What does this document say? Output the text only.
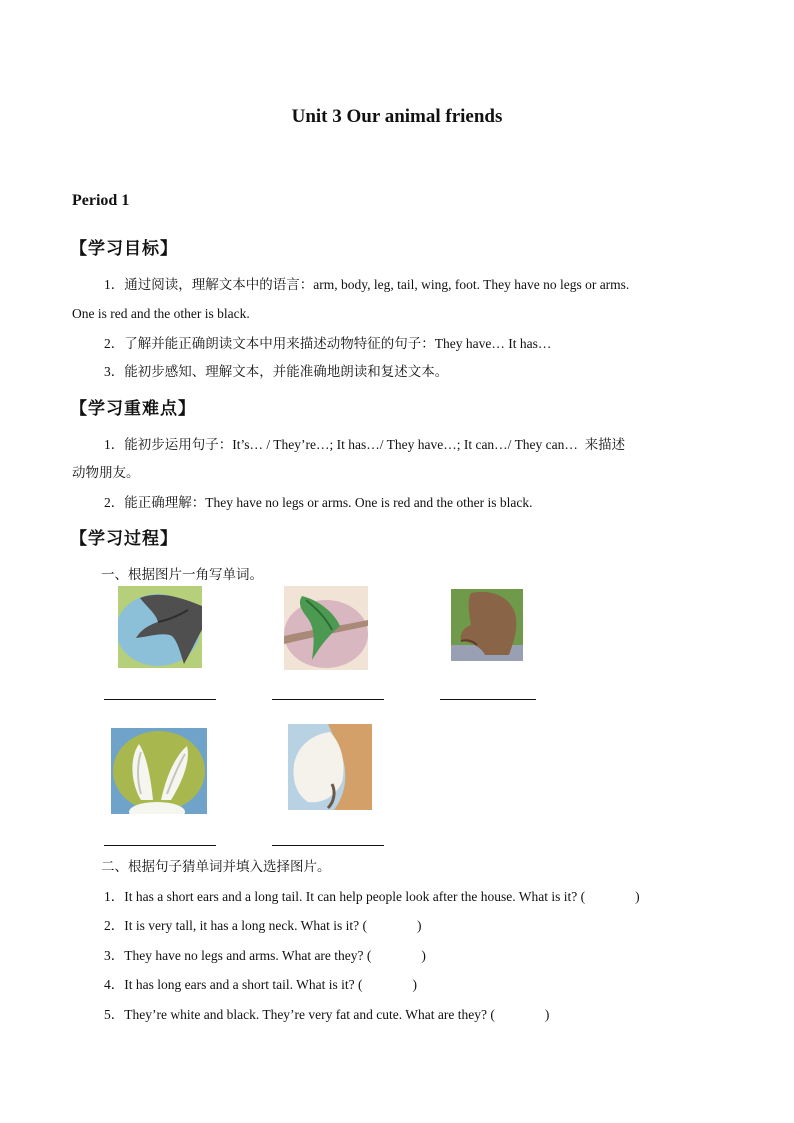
Unit 3 Our animal friends
Period 1
【学习目标】
1．通过阅读，理解文本中的语言：arm, body, leg, tail, wing, foot. They have no legs or arms.
One is red and the other is black.
2．了解并能正确朗读文本中用来描述动物特征的句子：They have… It has…
3．能初步感知、理解文本，并能准确地朗读和复述文本。
【学习重难点】
1．能初步运用句子：It’s… / They’re…; It has…/ They have…; It can…/ They can… 来描述
动物朋友。
2．能正确理解：They have no legs or arms. One is red and the other is black.
【学习过程】
一、根据图片一角写单词。
二、根据句子猜单词并填入选择图片。
1．It has a short ears and a long tail. It can help people look after the house. What is it? (	)
2．It is very tall, it has a long neck. What is it? (	)
3．They have no legs and arms. What are they? (	)
4．It has long ears and a short tail. What is it? (	)
5．They’re white and black. They’re very fat and cute. What are they? (	)
